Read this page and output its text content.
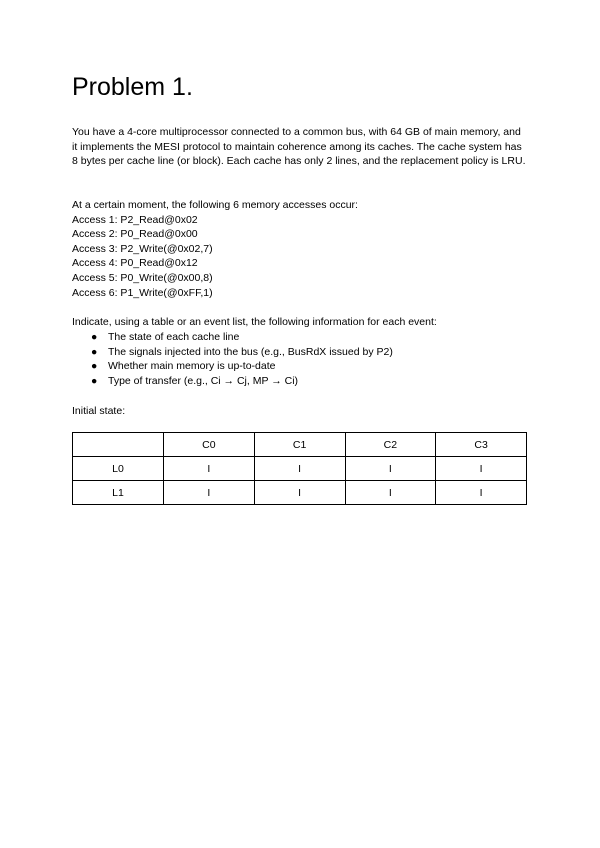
Problem 1.

You have a 4-core multiprocessor connected to a common bus, with 64 GB of main memory, and it implements the MESI protocol to maintain coherence among its caches. The cache system has 8 bytes per cache line (or block). Each cache has only 2 lines, and the replacement policy is LRU.

At a certain moment, the following 6 memory accesses occur:
Access 1: P2_Read@0x02
Access 2: P0_Read@0x00
Access 3: P2_Write(@0x02,7)
Access 4: P0_Read@0x12
Access 5: P0_Write(@0x00,8)
Access 6: P1_Write(@0xFF,1)

Indicate, using a table or an event list, the following information for each event:

● The state of each cache line
● The signals injected into the bus (e.g., BusRdX issued by P2)
● Whether main memory is up-to-date
● Type of transfer (e.g., Ci → Cj, MP → Ci)

Initial state:

	C0	C1	C2	C3
L0	I	I	I	I
L1	I	I	I	I
